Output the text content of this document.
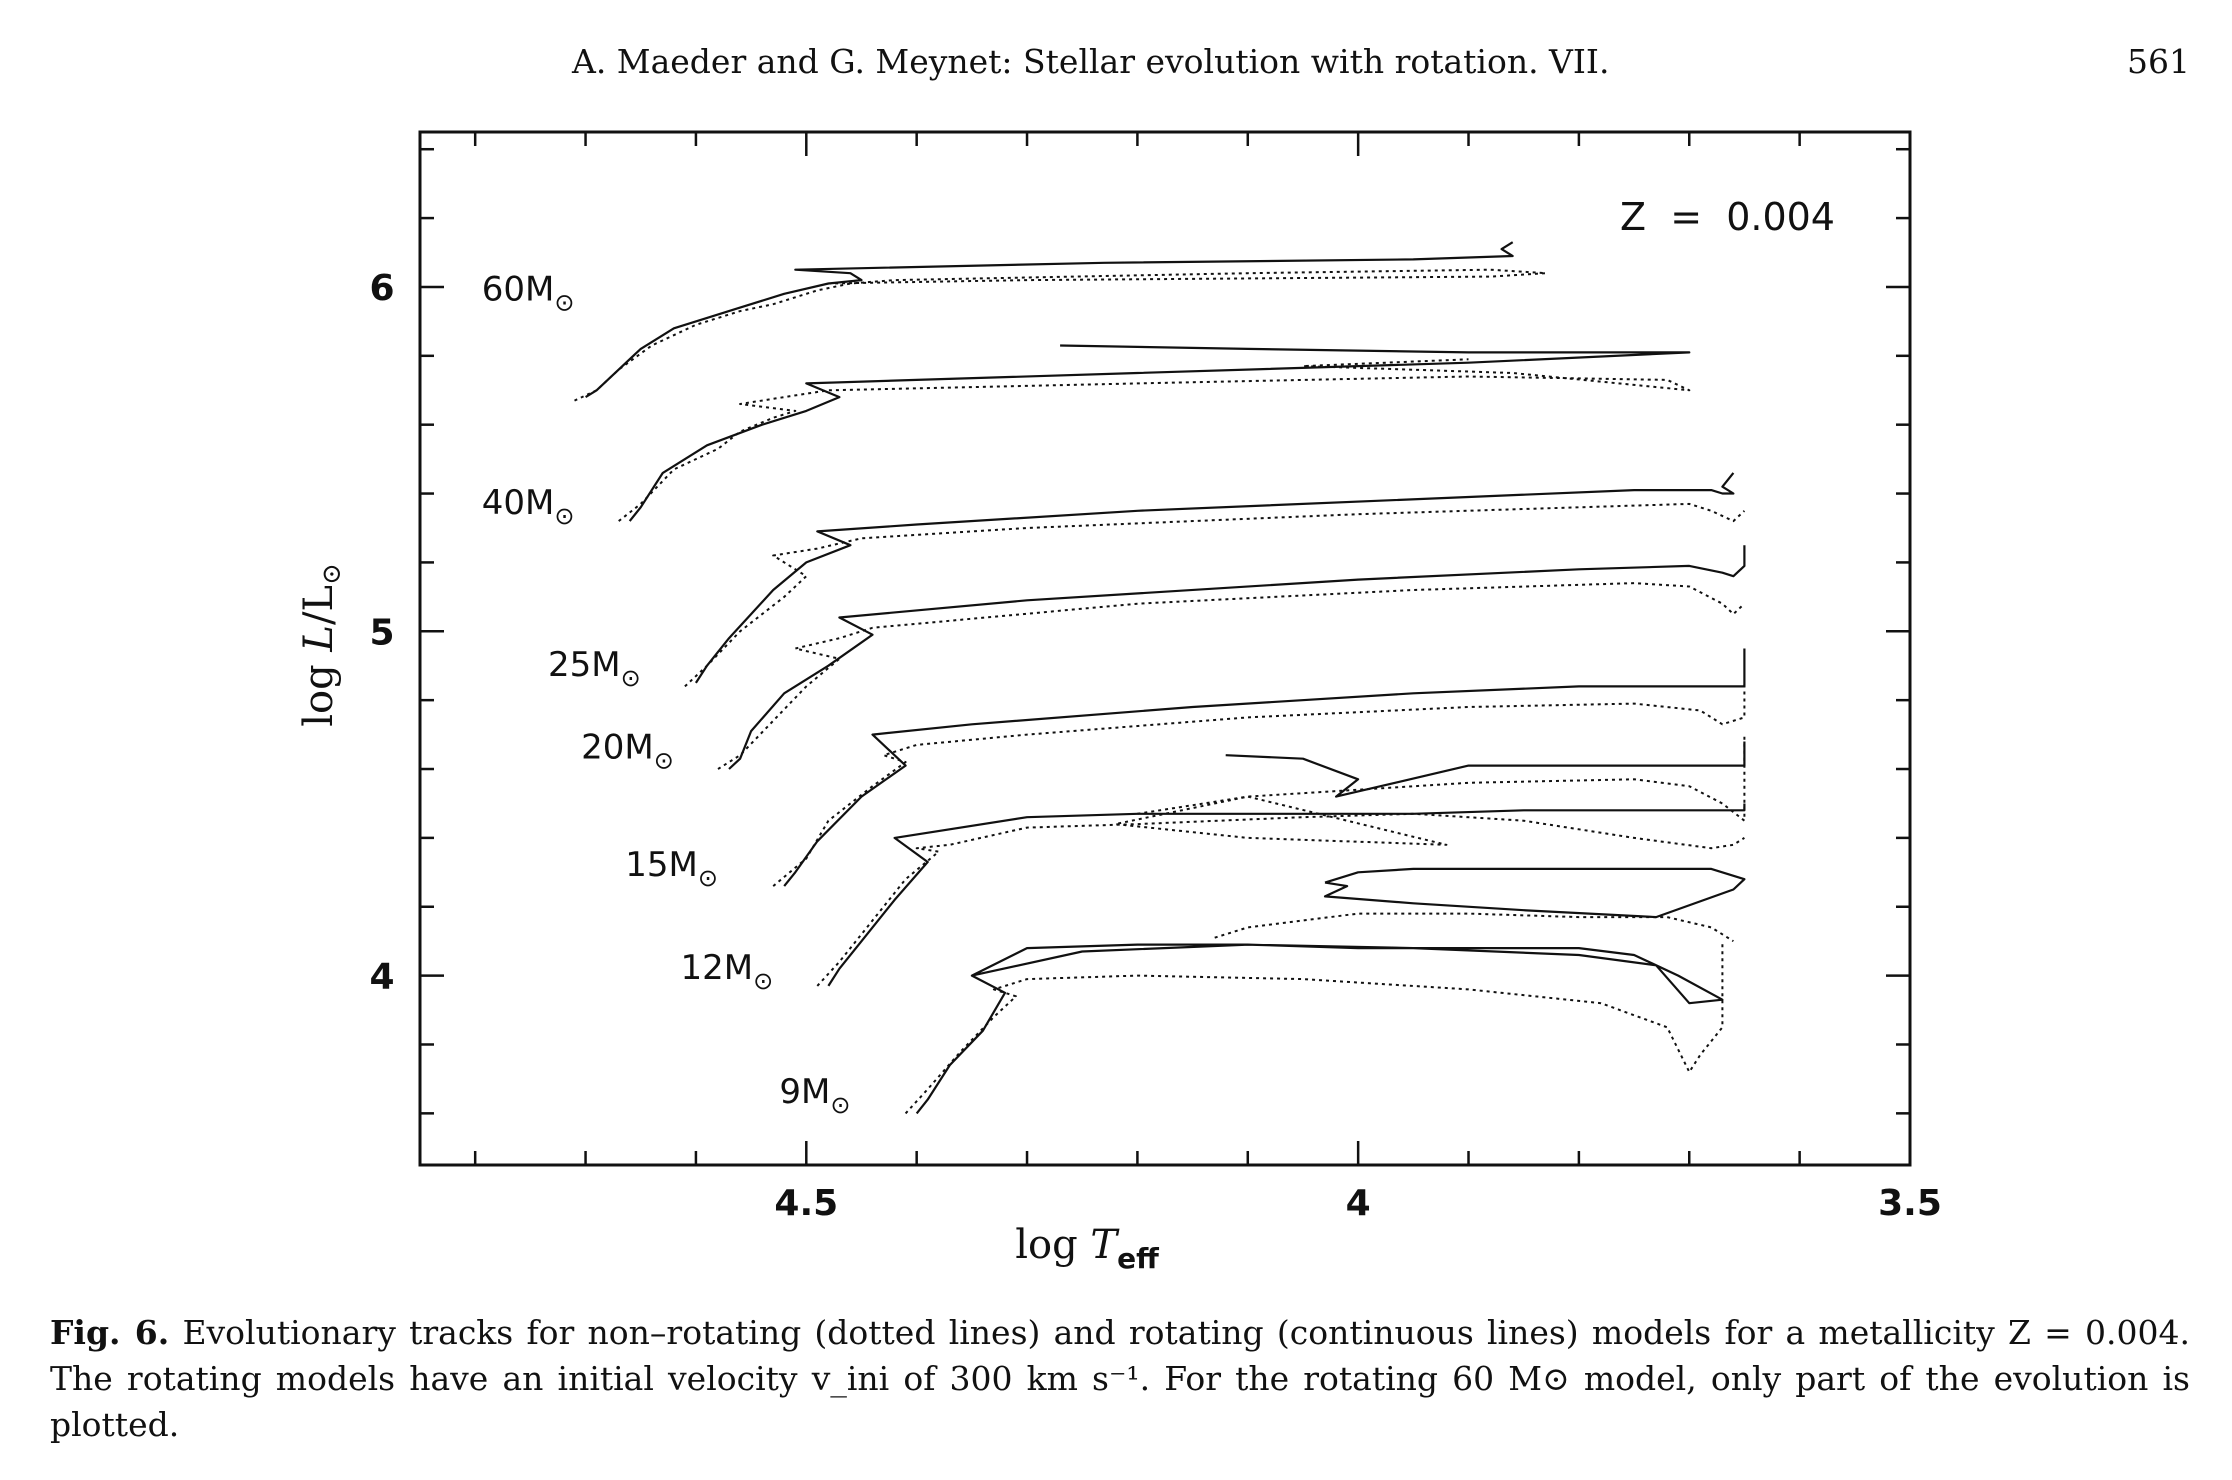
A. Maeder and G. Meynet: Stellar evolution with rotation. VII.	561
4.5	4	3.5
4
5
6	$60M_⊙$
$40M_⊙$
$25M_⊙$
$20M_⊙$
$15M_⊙$
$12M_⊙$
$9M_⊙$
Z  =  0.004
$\log T_{eff}$
$\log L/L_⊙$
Fig. 6. Evolutionary tracks for non–rotating (dotted lines) and rotating (continuous lines) models for a metallicity Z = 0.004.
The rotating models have an initial velocity v_ini of 300 km s⁻¹. For the rotating 60 M⊙ model, only part of the evolution is
plotted.
